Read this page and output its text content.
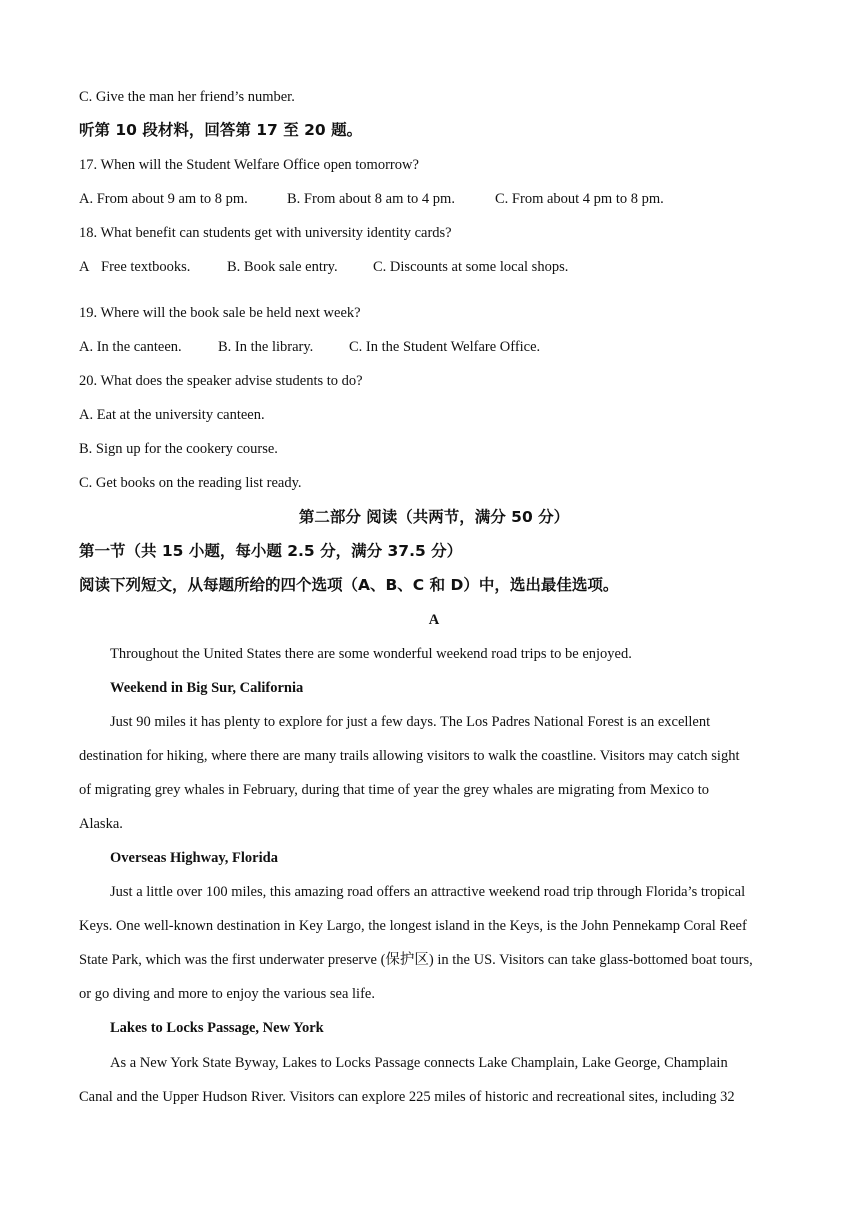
C. Give the man her friend’s number.
听第 10 段材料，回答第 17 至 20 题。
17. When will the Student Welfare Office open tomorrow?
A. From about 9 am to 8 pm.	B. From about 8 am to 4 pm.	C. From about 4 pm to 8 pm.
18. What benefit can students get with university identity cards?
A Free textbooks.	B. Book sale entry. C. Discounts at some local shops.
19. Where will the book sale be held next week?
A. In the canteen.	B. In the library. C. In the Student Welfare Office.
20. What does the speaker advise students to do?
A. Eat at the university canteen.
B. Sign up for the cookery course.
C. Get books on the reading list ready.
第二部分 阅读（共两节，满分 50 分）
第一节（共 15 小题，每小题 2.5 分，满分 37.5 分）
阅读下列短文，从每题所给的四个选项（A、B、C 和 D）中，选出最佳选项。
A
Throughout the United States there are some wonderful weekend road trips to be enjoyed.
Weekend in Big Sur, California
Just 90 miles it has plenty to explore for just a few days. The Los Padres National Forest is an excellent
destination for hiking, where there are many trails allowing visitors to walk the coastline. Visitors may catch sight
of migrating grey whales in February, during that time of year the grey whales are migrating from Mexico to
Alaska.
Overseas Highway, Florida
Just a little over 100 miles, this amazing road offers an attractive weekend road trip through Florida’s tropical
Keys. One well-known destination in Key Largo, the longest island in the Keys, is the John Pennekamp Coral Reef
State Park, which was the first underwater preserve (保护区) in the US. Visitors can take glass-bottomed boat tours,
or go diving and more to enjoy the various sea life.
Lakes to Locks Passage, New York
As a New York State Byway, Lakes to Locks Passage connects Lake Champlain, Lake George, Champlain
Canal and the Upper Hudson River. Visitors can explore 225 miles of historic and recreational sites, including 32
